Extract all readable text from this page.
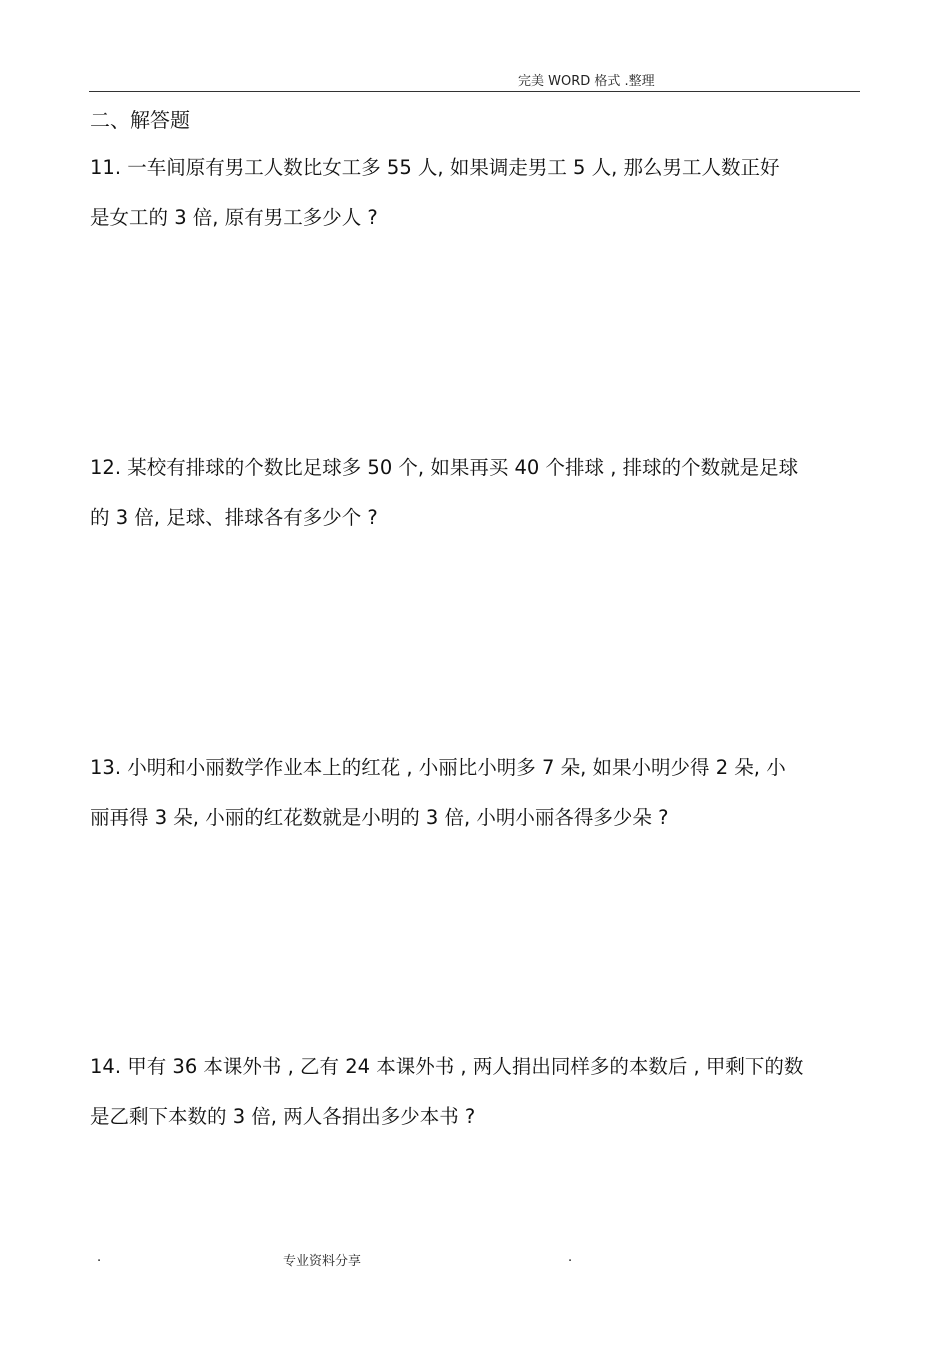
完美 WORD 格式 .整理
二、解答题
11. 一车间原有男工人数比女工多 55 人, 如果调走男工 5 人, 那么男工人数正好
是女工的 3 倍, 原有男工多少人 ?
12. 某校有排球的个数比足球多 50 个, 如果再买 40 个排球 , 排球的个数就是足球
的 3 倍, 足球、排球各有多少个 ?
13. 小明和小丽数学作业本上的红花 , 小丽比小明多 7 朵, 如果小明少得 2 朵, 小
丽再得 3 朵, 小丽的红花数就是小明的 3 倍, 小明小丽各得多少朵 ?
14. 甲有 36 本课外书 , 乙有 24 本课外书 , 两人捐出同样多的本数后 , 甲剩下的数
是乙剩下本数的 3 倍, 两人各捐出多少本书 ?
.	专业资料分享	.
